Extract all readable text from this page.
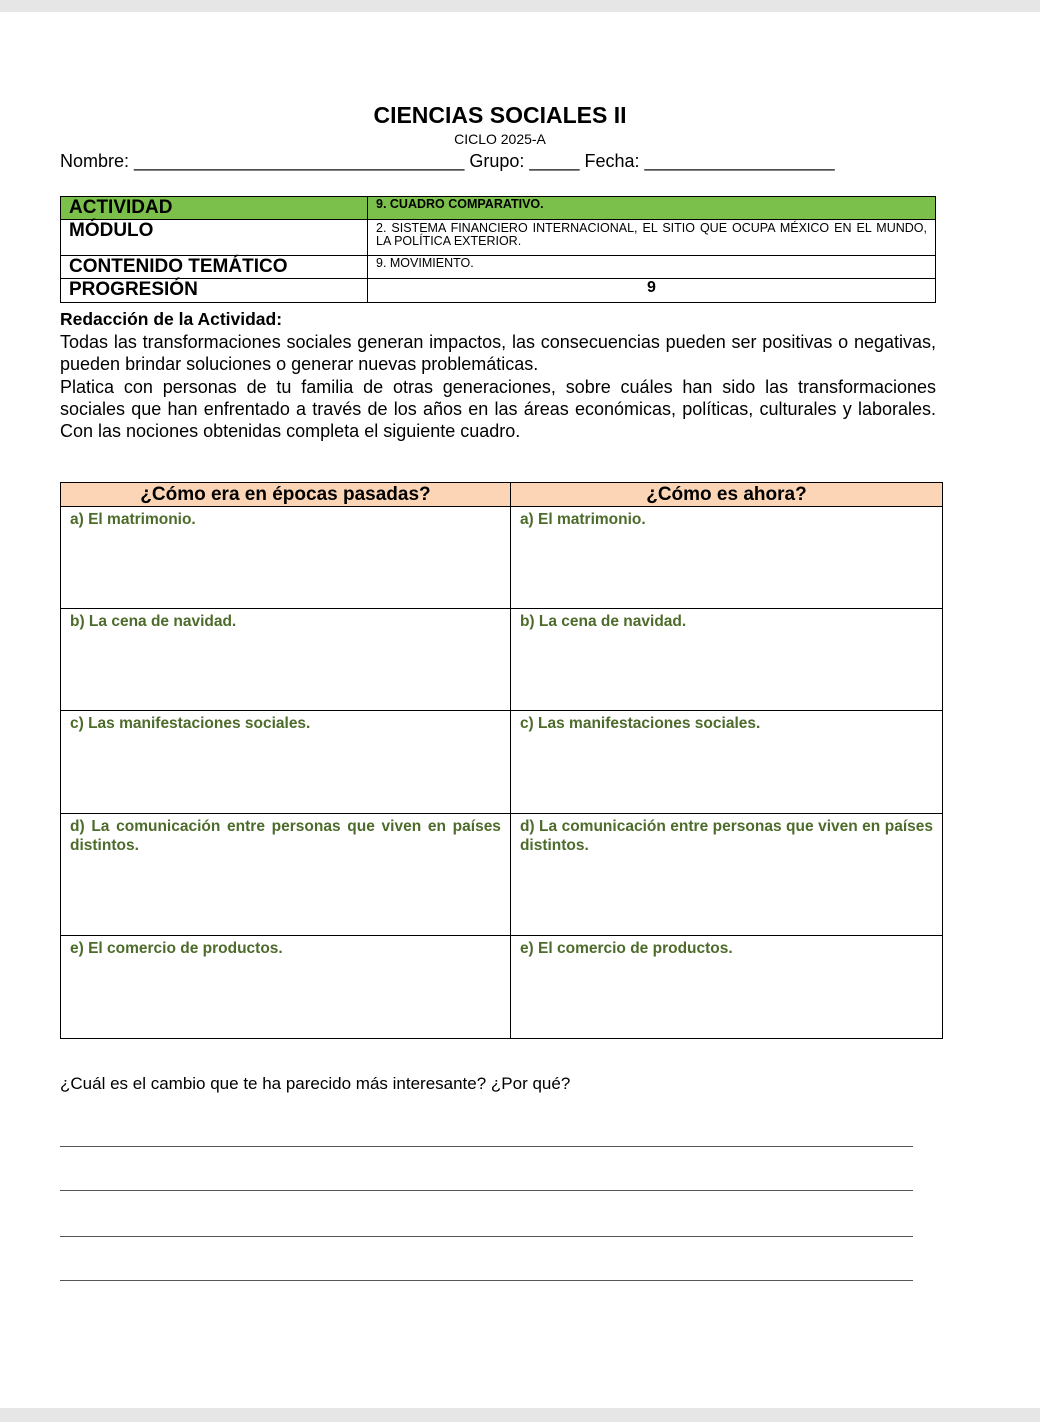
CIENCIAS SOCIALES II
CICLO 2025-A
Nombre: _________________________________ Grupo: _____ Fecha: ___________________
ACTIVIDAD	9. CUADRO COMPARATIVO.
MÓDULO	2. SISTEMA FINANCIERO INTERNACIONAL, EL SITIO QUE OCUPA MÉXICO EN EL MUNDO, LA POLÍTICA EXTERIOR.
CONTENIDO TEMÁTICO	9. MOVIMIENTO.
PROGRESIÓN	9
Redacción de la Actividad:

Todas las transformaciones sociales generan impactos, las consecuencias pueden ser positivas o negativas, pueden brindar soluciones o generar nuevas problemáticas.

Platica con personas de tu familia de otras generaciones, sobre cuáles han sido las transformaciones sociales que han enfrentado a través de los años en las áreas económicas, políticas, culturales y laborales. Con las nociones obtenidas completa el siguiente cuadro.

¿Cómo era en épocas pasadas?	¿Cómo es ahora?
a) El matrimonio.	a) El matrimonio.
b) La cena de navidad.	b) La cena de navidad.
c) Las manifestaciones sociales.	c) Las manifestaciones sociales.
d) La comunicación entre personas que viven en países distintos.	d) La comunicación entre personas que viven en países distintos.
e) El comercio de productos.	e) El comercio de productos.
¿Cuál es el cambio que te ha parecido más interesante? ¿Por qué?
